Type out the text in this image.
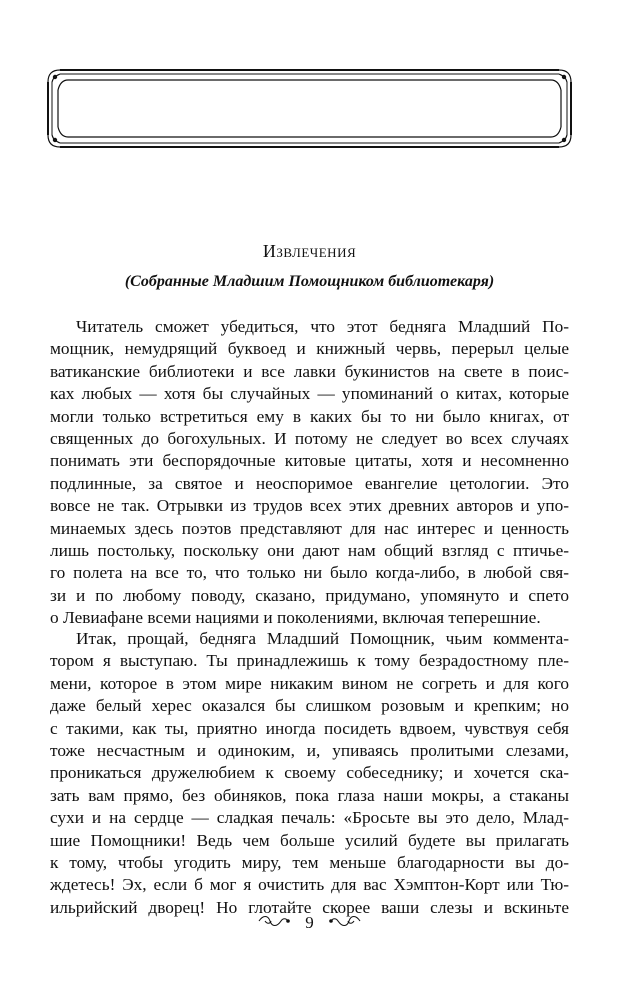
Извлечения
(Собранные Младшим Помощником библиотекаря)
Читатель сможет убедиться, что этот бедняга Младший По-
мощник, немудрящий буквоед и книжный червь, перерыл целые
ватиканские библиотеки и все лавки букинистов на свете в поис-
ках любых — хотя бы случайных — упоминаний о китах, которые
могли только встретиться ему в каких бы то ни было книгах, от
священных до богохульных. И потому не следует во всех случаях
понимать эти беспорядочные китовые цитаты, хотя и несомненно
подлинные, за святое и неоспоримое евангелие цетологии. Это
вовсе не так. Отрывки из трудов всех этих древних авторов и упо-
минаемых здесь поэтов представляют для нас интерес и ценность
лишь постольку, поскольку они дают нам общий взгляд с птичье-
го полета на все то, что только ни было когда-либо, в любой свя-
зи и по любому поводу, сказано, придумано, упомянуто и спето
о Левиафане всеми нациями и поколениями, включая теперешние.
Итак, прощай, бедняга Младший Помощник, чьим коммента-
тором я выступаю. Ты принадлежишь к тому безрадостному пле-
мени, которое в этом мире никаким вином не согреть и для кого
даже белый херес оказался бы слишком розовым и крепким; но
с такими, как ты, приятно иногда посидеть вдвоем, чувствуя себя
тоже несчастным и одиноким, и, упиваясь пролитыми слезами,
проникаться дружелюбием к своему собеседнику; и хочется ска-
зать вам прямо, без обиняков, пока глаза наши мокры, а стаканы
сухи и на сердце — сладкая печаль: «Бросьте вы это дело, Млад-
шие Помощники! Ведь чем больше усилий будете вы прилагать
к тому, чтобы угодить миру, тем меньше благодарности вы до-
ждетесь! Эх, если б мог я очистить для вас Хэмптон-Корт или Тю-
ильрийский дворец! Но глотайте скорее ваши слезы и вскиньте
9
